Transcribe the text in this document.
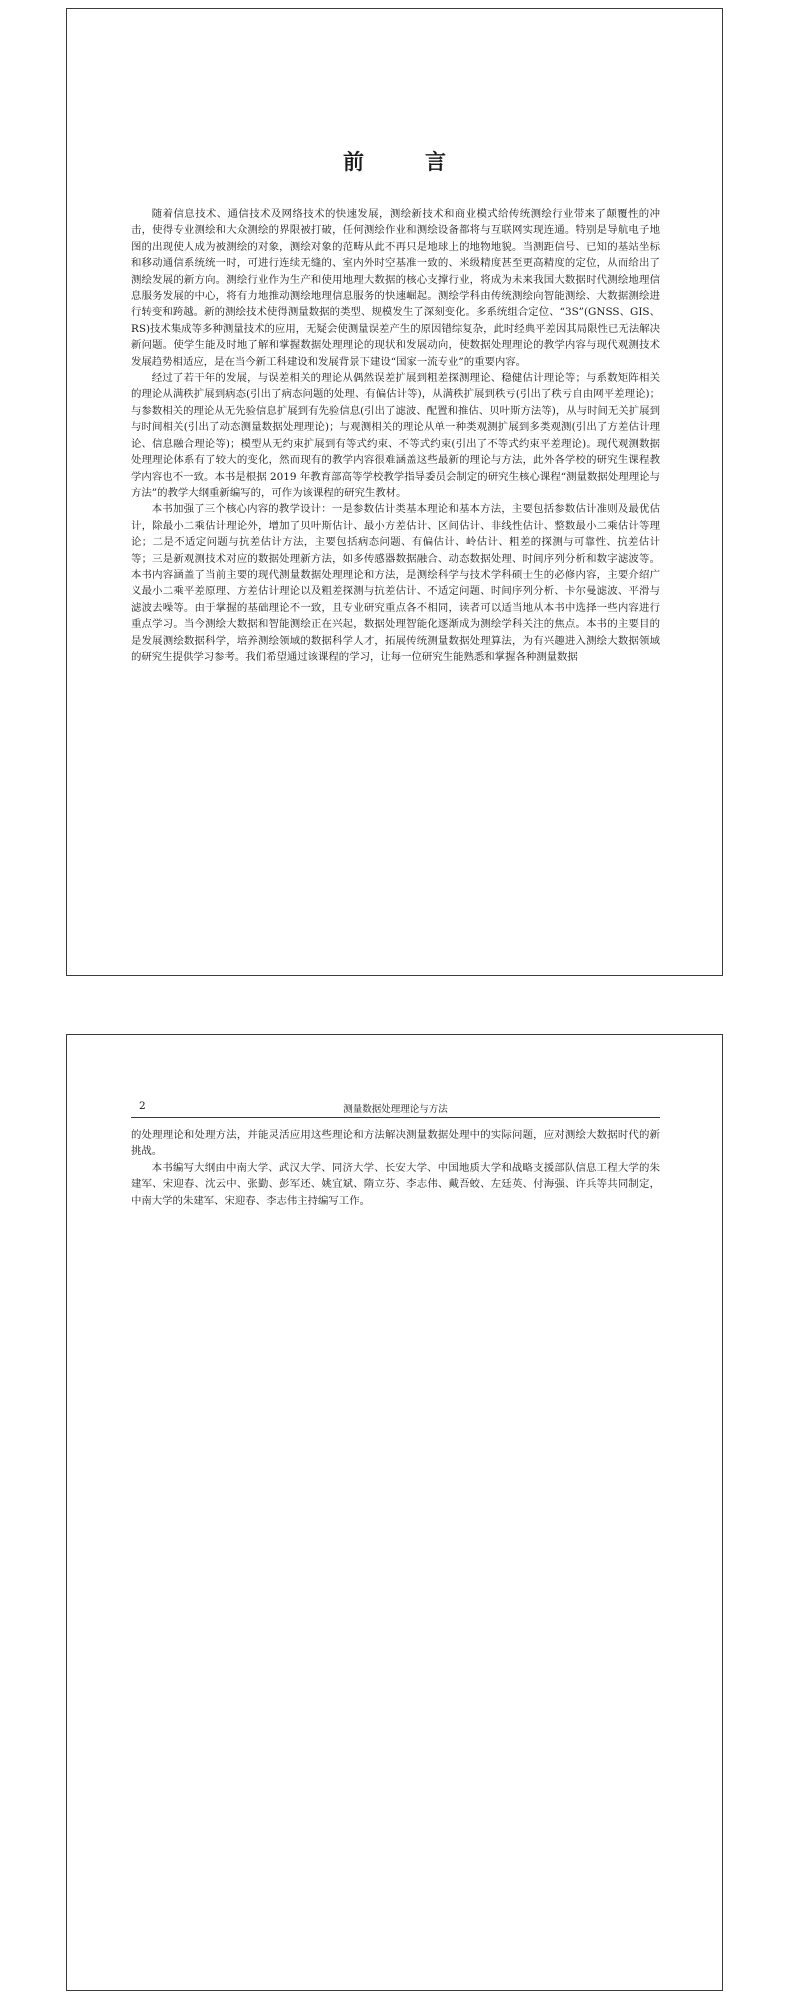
前　言

随着信息技术、通信技术及网络技术的快速发展，测绘新技术和商业模式给传统测绘行业带来了颠覆性的冲击，使得专业测绘和大众测绘的界限被打破，任何测绘作业和测绘设备都将与互联网实现连通。特别是导航电子地图的出现使人成为被测绘的对象，测绘对象的范畴从此不再只是地球上的地物地貌。当测距信号、已知的基站坐标和移动通信系统统一时，可进行连续无缝的、室内外时空基准一致的、米级精度甚至更高精度的定位，从而给出了测绘发展的新方向。测绘行业作为生产和使用地理大数据的核心支撑行业，将成为未来我国大数据时代测绘地理信息服务发展的中心，将有力地推动测绘地理信息服务的快速崛起。测绘学科由传统测绘向智能测绘、大数据测绘进行转变和跨越。新的测绘技术使得测量数据的类型、规模发生了深刻变化。多系统组合定位、“3S”(GNSS、GIS、RS)技术集成等多种测量技术的应用，无疑会使测量误差产生的原因错综复杂，此时经典平差因其局限性已无法解决新问题。使学生能及时地了解和掌握数据处理理论的现状和发展动向，使数据处理理论的教学内容与现代观测技术发展趋势相适应，是在当今新工科建设和发展背景下建设“国家一流专业”的重要内容。

经过了若干年的发展，与误差相关的理论从偶然误差扩展到粗差探测理论、稳健估计理论等；与系数矩阵相关的理论从满秩扩展到病态(引出了病态问题的处理、有偏估计等)，从满秩扩展到秩亏(引出了秩亏自由网平差理论)；与参数相关的理论从无先验信息扩展到有先验信息(引出了滤波、配置和推估、贝叶斯方法等)，从与时间无关扩展到与时间相关(引出了动态测量数据处理理论)；与观测相关的理论从单一种类观测扩展到多类观测(引出了方差估计理论、信息融合理论等)；模型从无约束扩展到有等式约束、不等式约束(引出了不等式约束平差理论)。现代观测数据处理理论体系有了较大的变化，然而现有的教学内容很难涵盖这些最新的理论与方法，此外各学校的研究生课程教学内容也不一致。本书是根据 2019 年教育部高等学校教学指导委员会制定的研究生核心课程“测量数据处理理论与方法”的教学大纲重新编写的，可作为该课程的研究生教材。

本书加强了三个核心内容的教学设计：一是参数估计类基本理论和基本方法，主要包括参数估计准则及最优估计，除最小二乘估计理论外，增加了贝叶斯估计、最小方差估计、区间估计、非线性估计、整数最小二乘估计等理论；二是不适定问题与抗差估计方法，主要包括病态问题、有偏估计、岭估计、粗差的探测与可靠性、抗差估计等；三是新观测技术对应的数据处理新方法，如多传感器数据融合、动态数据处理、时间序列分析和数字滤波等。本书内容涵盖了当前主要的现代测量数据处理理论和方法，是测绘科学与技术学科硕士生的必修内容，主要介绍广义最小二乘平差原理、方差估计理论以及粗差探测与抗差估计、不适定问题、时间序列分析、卡尔曼滤波、平滑与滤波去噪等。由于掌握的基础理论不一致，且专业研究重点各不相同，读者可以适当地从本书中选择一些内容进行重点学习。当今测绘大数据和智能测绘正在兴起，数据处理智能化逐渐成为测绘学科关注的焦点。本书的主要目的是发展测绘数据科学，培养测绘领域的数据科学人才，拓展传统测量数据处理算法，为有兴趣进入测绘大数据领域的研究生提供学习参考。我们希望通过该课程的学习，让每一位研究生能熟悉和掌握各种测量数据

2	测量数据处理理论与方法

的处理理论和处理方法，并能灵活应用这些理论和方法解决测量数据处理中的实际问题，应对测绘大数据时代的新挑战。

本书编写大纲由中南大学、武汉大学、同济大学、长安大学、中国地质大学和战略支援部队信息工程大学的朱建军、宋迎春、沈云中、张勤、彭军还、姚宜斌、隋立芬、李志伟、戴吾蛟、左廷英、付海强、许兵等共同制定，中南大学的朱建军、宋迎春、李志伟主持编写工作。
